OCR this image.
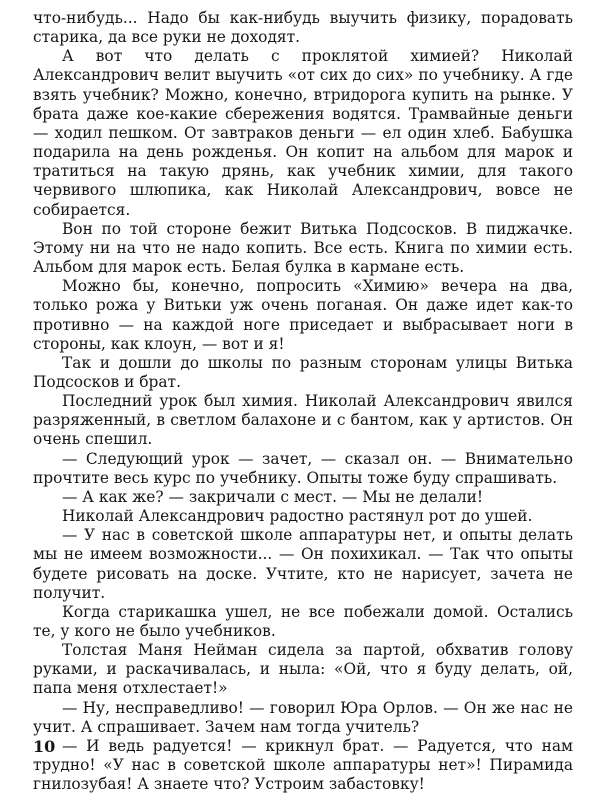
что-нибудь... Надо бы как-нибудь выучить физику, порадовать старика, да все руки не доходят.

А вот что делать с проклятой химией? Николай Александрович велит выучить «от сих до сих» по учебнику. А где взять учебник? Можно, конечно, втридорога купить на рынке. У брата даже кое-какие сбережения водятся. Трамвайные деньги — ходил пешком. От завтраков деньги — ел один хлеб. Бабушка подарила на день рожденья. Он копит на альбом для марок и тратиться на такую дрянь, как учебник химии, для такого червивого шлюпика, как Николай Александрович, вовсе не собирается.

Вон по той стороне бежит Витька Подсосков. В пиджачке. Этому ни на что не надо копить. Все есть. Книга по химии есть. Альбом для марок есть. Белая булка в кармане есть.

Можно бы, конечно, попросить «Химию» вечера на два, только рожа у Витьки уж очень поганая. Он даже идет как-то противно — на каждой ноге приседает и выбрасывает ноги в стороны, как клоун, — вот и я!

Так и дошли до школы по разным сторонам улицы Витька Подсосков и брат.

Последний урок был химия. Николай Александрович явился разряженный, в светлом балахоне и с бантом, как у артистов. Он очень спешил.

— Следующий урок — зачет, — сказал он. — Внимательно прочтите весь курс по учебнику. Опыты тоже буду спрашивать.

— А как же? — закричали с мест. — Мы не делали!

Николай Александрович радостно растянул рот до ушей.

— У нас в советской школе аппаратуры нет, и опыты делать мы не имеем возможности... — Он похихикал. — Так что опыты будете рисовать на доске. Учтите, кто не нарисует, зачета не получит.

Когда старикашка ушел, не все побежали домой. Остались те, у кого не было учебников.

Толстая Маня Нейман сидела за партой, обхватив голову руками, и раскачивалась, и ныла: «Ой, что я буду делать, ой, папа меня отхлестает!»

— Ну, несправедливо! — говорил Юра Орлов. — Он же нас не учит. А спрашивает. Зачем нам тогда учитель?

— И ведь радуется! — крикнул брат. — Радуется, что нам трудно! «У нас в советской школе аппаратуры нет»! Пирамида гнилозубая! А знаете что? Устроим забастовку!

10
